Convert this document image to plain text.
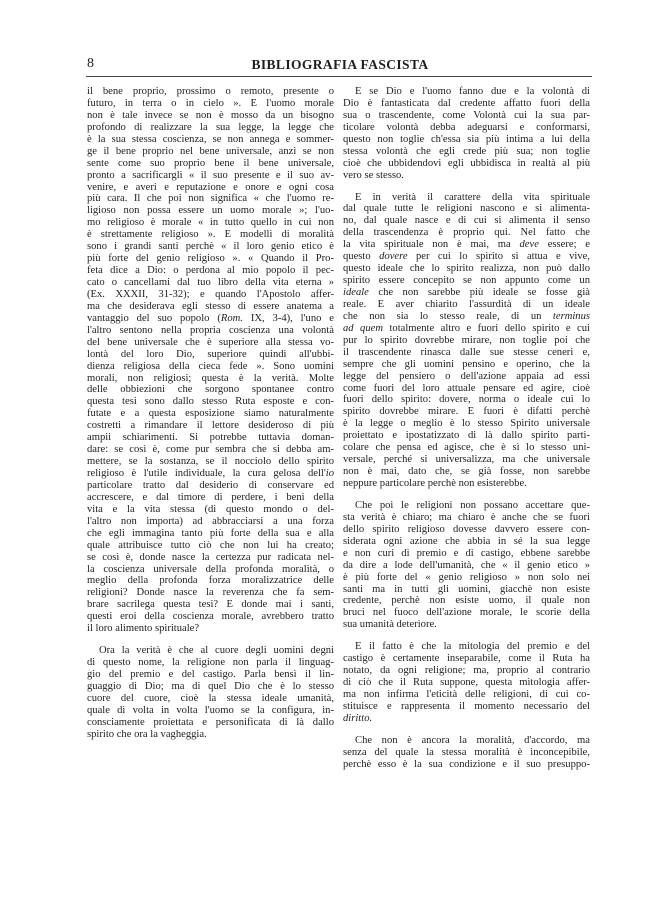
8	BIBLIOGRAFIA FASCISTA
il bene proprio, prossimo o remoto, presente o
futuro, in terra o in cielo ». E l'uomo morale
non è tale invece se non è mosso da un bisogno
profondo di realizzare la sua legge, la legge che
è la sua stessa coscienza, se non annega e sommer-
ge il bene proprio nel bene universale, anzi se non
sente come suo proprio bene il bene universale,
pronto a sacrificargli « il suo presente e il suo av-
venire, e averi e reputazione e onore e ogni cosa
più cara. Il che poi non significa « che l'uomo re-
ligioso non possa essere un uomo morale »; l'uo-
mo religioso è morale « in tutto quello in cui non
è strettamente religioso ». E modelli di moralità
sono i grandi santi perchè « il loro genio etico è
più forte del genio religioso ». « Quando il Pro-
feta dice a Dio: o perdona al mio popolo il pec-
cato o cancellami dal tuo libro della vita eterna »
(Ex. XXXII, 31-32); e quando l'Apostolo affer-
ma che desiderava egli stesso di essere anatema a
vantaggio del suo popolo (Rom. IX, 3-4), l'uno e
l'altro sentono nella propria coscienza una volontà
del bene universale che è superiore alla stessa vo-
lontà del loro Dio, superiore quindi all'ubbi-
dienza religiosa della cieca fede ». Sono uomini
morali, non religiosi; questa è la verità. Molte
delle obbiezioni che sorgono spontanee contro
questa tesi sono dallo stesso Ruta esposte e con-
futate e a questa esposizione siamo naturalmente
costretti a rimandare il lettore desideroso di più
ampii schiarimenti. Si potrebbe tuttavia doman-
dare: se così è, come pur sembra che si debba am-
mettere, se la sostanza, se il nocciolo dello spirito
religioso è l'utile individuale, la cura gelosa dell'io
particolare tratto dal desiderio di conservare ed
accrescere, e dal timore di perdere, i beni della
vita e la vita stessa (di questo mondo o del-
l'altro non importa) ad abbracciarsi a una forza
che egli immagina tanto più forte della sua e alla
quale attribuisce tutto ciò che non lui ha creato;
se così è, donde nasce la certezza pur radicata nel-
la coscienza universale della profonda moralità, o
meglio della profonda forza moralizzatrice delle
religioni? Donde nasce la reverenza che fa sem-
brare sacrilega questa tesi? E donde mai i santi,
questi eroi della coscienza morale, avrebbero tratto
il loro alimento spirituale?
Ora la verità è che al cuore degli uomini degni
di questo nome, la religione non parla il linguag-
gio del premio e del castigo. Parla bensì il lin-
guaggio di Dio; ma di quel Dio che è lo stesso
cuore del cuore, cioè la stessa ideale umanità,
quale di volta in volta l'uomo se la configura, in-
consciamente proiettata e personificata di là dallo
spirito che ora la vagheggia.
E se Dio e l'uomo fanno due e la volontà di
Dio è fantasticata dal credente affatto fuori della
sua o trascendente, come Volontà cui la sua par-
ticolare volontà debba adeguarsi e conformarsi,
questo non toglie ch'essa sia più intima a lui della
stessa volontà che egli crede più sua; non toglie
cioè che ubbidendovi egli ubbidisca in realtà al più
vero se stesso.
E in verità il carattere della vita spirituale
dal quale tutte le religioni nascono e si alimenta-
no, dal quale nasce e di cui si alimenta il senso
della trascendenza è proprio qui. Nel fatto che
la vita spirituale non è mai, ma deve essere; e
questo dovere per cui lo spirito si attua e vive,
questo ideale che lo spirito realizza, non può dallo
spirito essere concepito se non appunto come un
ideale che non sarebbe più ideale se fosse già
reale. E aver chiarito l'assurdità di un ideale
che non sia lo stesso reale, di un terminus
ad quem totalmente altro e fuori dello spirito e cui
pur lo spirito dovrebbe mirare, non toglie poi che
il trascendente rinasca dalle sue stesse ceneri e,
sempre che gli uomini pensino e operino, che la
legge del pensiero o dell'azione appaia ad essi
come fuori del loro attuale pensare ed agire, cioè
fuori dello spirito: dovere, norma o ideale cui lo
spirito dovrebbe mirare. E fuori è difatti perchè
è la legge o meglio è lo stesso Spirito universale
proiettato e ipostatizzato di là dallo spirito parti-
colare che pensa ed agisce, che è sì lo stesso uni-
versale, perché si universalizza, ma che universale
non è mai, dato che, se già fosse, non sarebbe
neppure particolare perchè non esisterebbe.
Che poi le religioni non possano accettare que-
sta verità è chiaro; ma chiaro è anche che se fuori
dello spirito religioso dovesse davvero essere con-
siderata ogni azione che abbia in sé la sua legge
e non curi di premio e di castigo, ebbene sarebbe
da dire a lode dell'umanità, che « il genio etico »
è più forte del « genio religioso » non solo nei
santi ma in tutti gli uomini, giacchè non esiste
credente, perchè non esiste uomo, il quale non
bruci nel fuoco dell'azione morale, le scorie della
sua umanità deteriore.
E il fatto è che la mitologia del premio e del
castigo è certamente inseparabile, come il Ruta ha
notato, da ogni religione; ma, proprio al contrario
di ciò che il Ruta suppone, questa mitologia affer-
ma non infirma l'eticità delle religioni, di cui co-
stituisce e rappresenta il momento necessario del
diritto.
Che non è ancora la moralità, d'accordo, ma
senza del quale la stessa moralità è inconcepibile,
perchè esso è la sua condizione e il suo presuppo-
